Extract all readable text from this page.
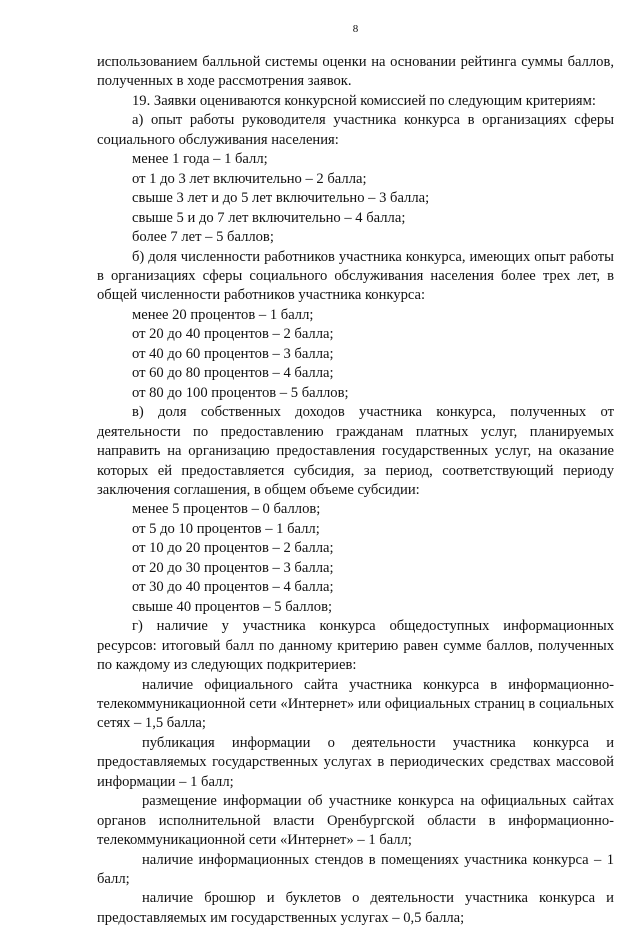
8

использованием балльной системы оценки на основании рейтинга суммы баллов, полученных в ходе рассмотрения заявок.

19. Заявки оцениваются конкурсной комиссией по следующим критериям:

а) опыт работы руководителя участника конкурса в организациях сферы социального обслуживания населения:

менее 1 года – 1 балл;

от 1 до 3 лет включительно – 2 балла;

свыше 3 лет и до 5 лет включительно – 3 балла;

свыше 5 и до 7 лет включительно – 4 балла;

более 7 лет – 5 баллов;

б) доля численности работников участника конкурса, имеющих опыт работы в организациях сферы социального обслуживания населения более трех лет, в общей численности работников участника конкурса:

менее 20 процентов – 1 балл;

от 20 до 40 процентов – 2 балла;

от 40 до 60 процентов – 3 балла;

от 60 до 80 процентов – 4 балла;

от 80 до 100 процентов – 5 баллов;

в) доля собственных доходов участника конкурса, полученных от деятельности по предоставлению гражданам платных услуг, планируемых направить на организацию предоставления государственных услуг, на оказание которых ей предоставляется субсидия, за период, соответствующий периоду заключения соглашения, в общем объеме субсидии:

менее 5 процентов – 0 баллов;

от 5 до 10 процентов – 1 балл;

от 10 до 20 процентов – 2 балла;

от 20 до 30 процентов – 3 балла;

от 30 до 40 процентов – 4 балла;

свыше 40 процентов – 5 баллов;

г) наличие у участника конкурса общедоступных информационных ресурсов: итоговый балл по данному критерию равен сумме баллов, полученных по каждому из следующих подкритериев:

наличие официального сайта участника конкурса в информационно-телекоммуникационной сети «Интернет» или официальных страниц в социальных сетях – 1,5 балла;

публикация информации о деятельности участника конкурса и предоставляемых государственных услугах в периодических средствах массовой информации – 1 балл;

размещение информации об участнике конкурса на официальных сайтах органов исполнительной власти Оренбургской области в информационно-телекоммуникационной сети «Интернет» – 1 балл;

наличие информационных стендов в помещениях участника конкурса – 1 балл;

наличие брошюр и буклетов о деятельности участника конкурса и предоставляемых им государственных услугах – 0,5 балла;
